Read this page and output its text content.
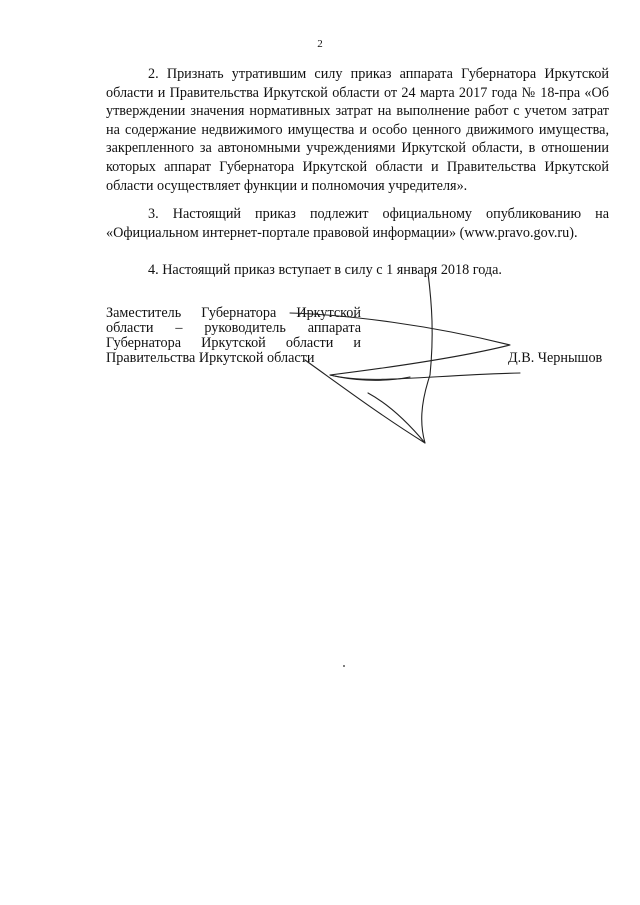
2

2. Признать утратившим силу приказ аппарата Губернатора Иркутской области и Правительства Иркутской области от 24 марта 2017 года № 18-пра «Об утверждении значения нормативных затрат на выполнение работ с учетом затрат на содержание недвижимого имущества и особо ценного движимого имущества, закрепленного за автономными учреждениями Иркутской области, в отношении которых аппарат Губернатора Иркутской области и Правительства Иркутской области осуществляет функции и полномочия учредителя».

3. Настоящий приказ подлежит официальному опубликованию на «Официальном интернет-портале правовой информации» (www.pravo.gov.ru).

4. Настоящий приказ вступает в силу с 1 января 2018 года.

Заместитель Губернатора Иркутской
области – руководитель аппарата
Губернатора Иркутской области и
Правительства Иркутской области	Д.В. Чернышов
